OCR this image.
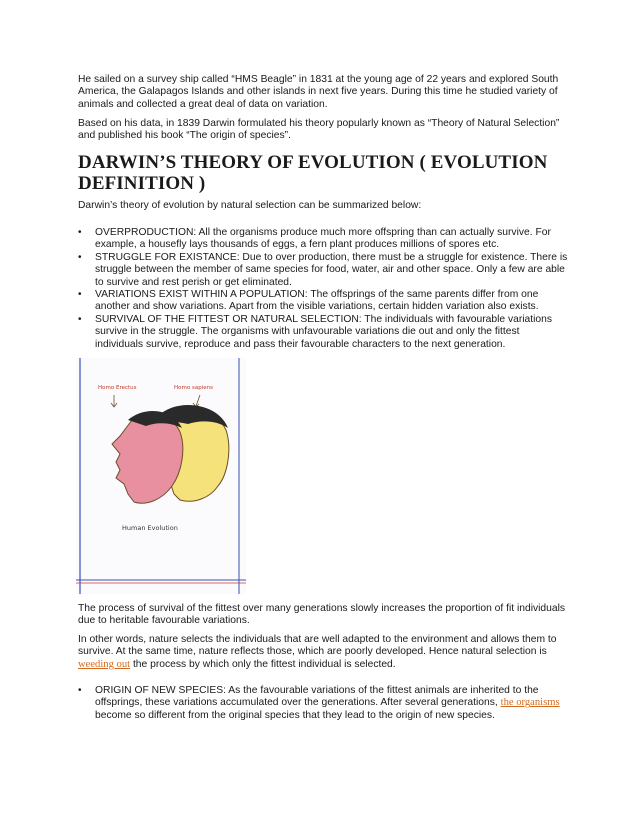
He sailed on a survey ship called “HMS Beagle” in 1831 at the young age of 22 years and explored South America, the Galapagos Islands and other islands in next five years. During this time he studied variety of animals and collected a great deal of data on variation.

Based on his data, in 1839 Darwin formulated his theory popularly known as “Theory of Natural Selection” and published his book “The origin of species”.

DARWIN’S THEORY OF EVOLUTION ( EVOLUTION DEFINITION )

Darwin’s theory of evolution by natural selection can be summarized below:

• OVERPRODUCTION: All the organisms produce much more offspring than can actually survive. For example, a housefly lays thousands of eggs, a fern plant produces millions of spores etc.
• STRUGGLE FOR EXISTANCE: Due to over production, there must be a struggle for existence. There is struggle between the member of same species for food, water, air and other space. Only a few are able to survive and rest perish or get eliminated.
• VARIATIONS EXIST WITHIN A POPULATION: The offsprings of the same parents differ from one another and show variations. Apart from the visible variations, certain hidden variation also exists.
• SURVIVAL OF THE FITTEST OR NATURAL SELECTION: The individuals with favourable variations survive in the struggle. The organisms with unfavourable variations die out and only the fittest individuals survive, reproduce and pass their favourable characters to the next generation.
Homo Erectus	Homo sapiens
Human Evolution

The process of survival of the fittest over many generations slowly increases the proportion of fit individuals due to heritable favourable variations.

In other words, nature selects the individuals that are well adapted to the environment and allows them to survive. At the same time, nature reflects those, which are poorly developed. Hence natural selection is weeding out the process by which only the fittest individual is selected.

• ORIGIN OF NEW SPECIES: As the favourable variations of the fittest animals are inherited to the offsprings, these variations accumulated over the generations. After several generations, the organisms become so different from the original species that they lead to the origin of new species.
